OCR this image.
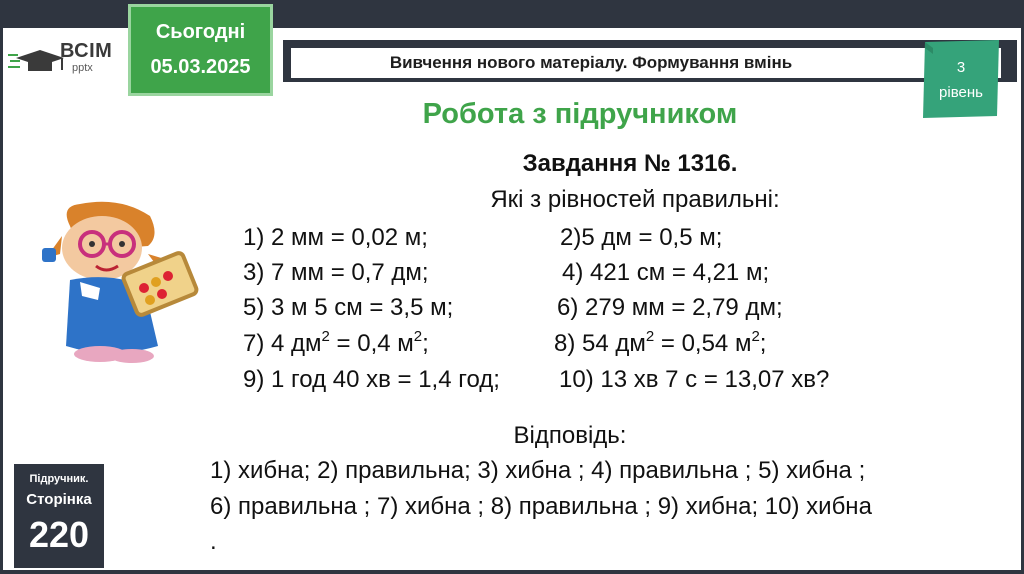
ВСІМ
pptx
Сьогодні
05.03.2025	Вивчення нового матеріалу. Формування вмінь	3
рівень
Робота з підручником
Завдання № 1316.
Які з рівностей правильні:
1) 2 мм = 0,02 м;	2)5 дм = 0,5 м;
3) 7 мм = 0,7 дм;	4) 421 см = 4,21 м;
5) 3 м 5 см = 3,5 м;	6) 279 мм = 2,79 дм;
7) 4 $дм^2 = 0,4$ $м^2$;	8) 54 $дм^2 = 0,54$ $м^2$;
9) 1 год 40 хв = 1,4 год; 10) 13 хв 7 с = 13,07 хв?
Відповідь:
1) хибна; 2) правильна; 3) хибна ; 4) правильна ; 5) хибна ;
6) правильна ; 7) хибна ; 8) правильна ; 9) хибна; 10) хибна
.
Підручник.
Сторінка
220
